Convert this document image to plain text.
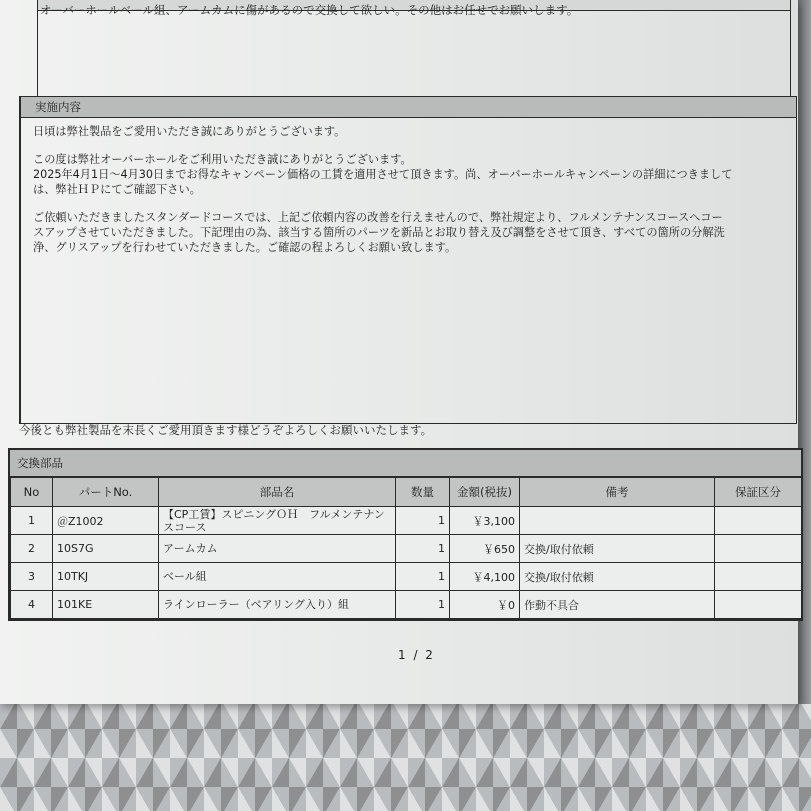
オーバーホールベール組、アームカムに傷があるので交換して欲しい。その他はお任せでお願いします。
実施内容

日頃は弊社製品をご愛用いただき誠にありがとうございます。

この度は弊社オーバーホールをご利用いただき誠にありがとうございます。
2025年4月1日～4月30日までお得なキャンペーン価格の工賃を適用させて頂きます。尚、オーバーホールキャンペーンの詳細につきまして
は、弊社ＨＰにてご確認下さい。

ご依頼いただきましたスタンダードコースでは、上記ご依頼内容の改善を行えませんので、弊社規定より、フルメンテナンスコースへコー
スアップさせていただきました。下記理由の為、該当する箇所のパーツを新品とお取り替え及び調整をさせて頂き、すべての箇所の分解洗
浄、グリスアップを行わせていただきました。ご確認の程よろしくお願い致します。

今後とも弊社製品を末長くご愛用頂きます様どうぞよろしくお願いいたします。
交換部品
No	パートNo.	部品名	数量	金額(税抜)	備考	保証区分
1	＠Z1002	【CP工賃】スピニングＯＨ　フルメンテナン
スコース	1	￥3,100		
2	10S7G	アームカム	1	￥650	交換/取付依頼	
3	10TKJ	ベール組	1	￥4,100	交換/取付依頼	
4	101KE	ラインローラー（ベアリング入り）組	1	￥0	作動不具合	
1 / 2
